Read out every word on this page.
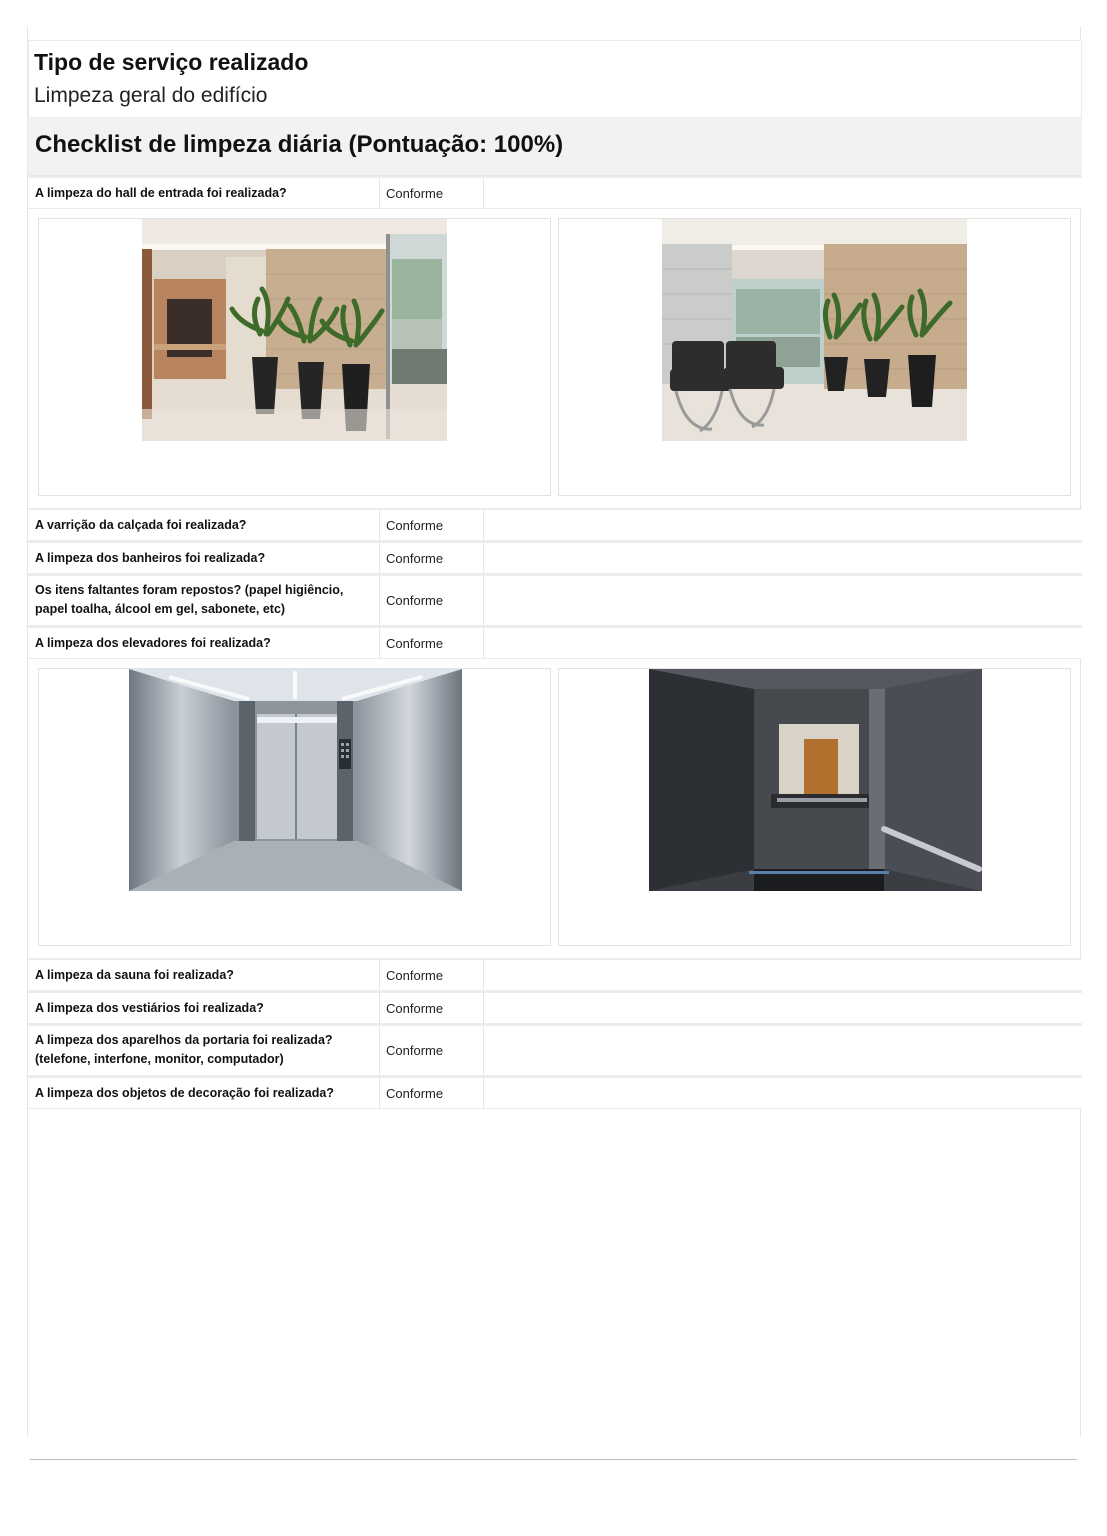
Tipo de serviço realizado
Limpeza geral do edifício
Checklist de limpeza diária (Pontuação: 100%)
A limpeza do hall de entrada foi realizada?	Conforme
A varrição da calçada foi realizada?	Conforme
A limpeza dos banheiros foi realizada?	Conforme
Os itens faltantes foram repostos? (papel higiêncio,
papel toalha, álcool em gel, sabonete, etc)
Conforme
A limpeza dos elevadores foi realizada?	Conforme
A limpeza da sauna foi realizada?	Conforme
A limpeza dos vestiários foi realizada?	Conforme
A limpeza dos aparelhos da portaria foi realizada?
(telefone, interfone, monitor, computador)
Conforme
A limpeza dos objetos de decoração foi realizada?	Conforme
